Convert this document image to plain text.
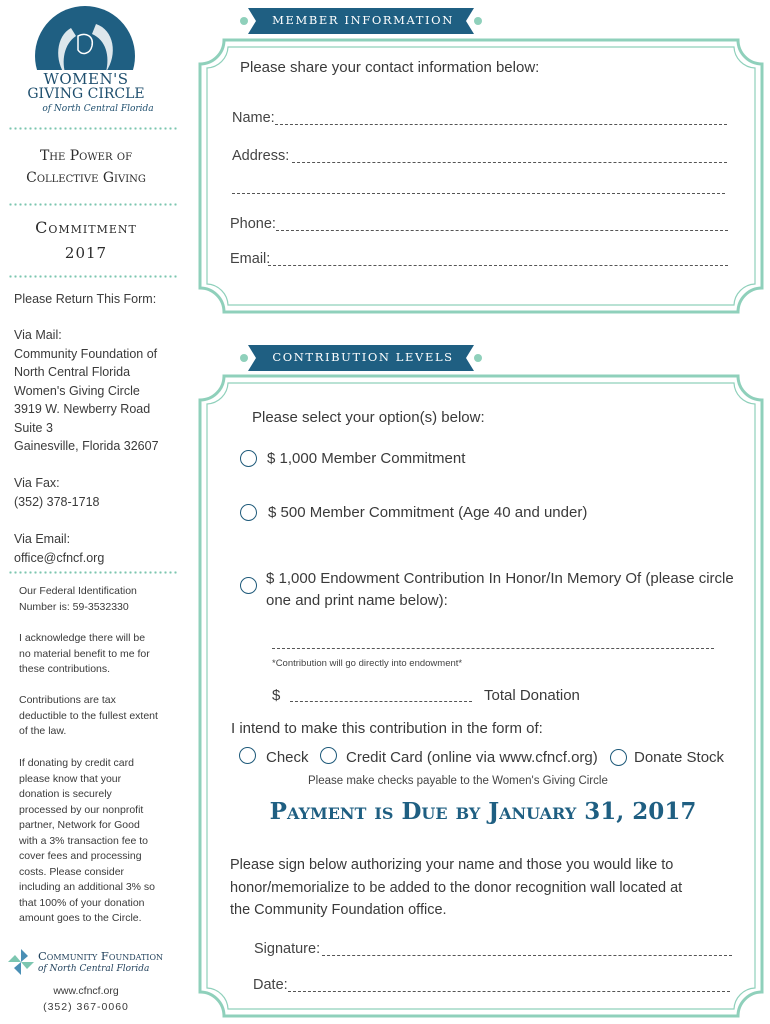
WOMEN'S
GIVING CIRCLE
of North Central Florida
The Power of
Collective Giving
Commitment
2017
Please Return This Form:
Via Mail:
Community Foundation of
North Central Florida
Women's Giving Circle
3919 W. Newberry Road
Suite 3
Gainesville, Florida 32607
Via Fax:
(352) 378-1718
Via Email:
office@cfncf.org
Our Federal Identification
Number is: 59-3532330
I acknowledge there will be
no material benefit to me for
these contributions.
Contributions are tax
deductible to the fullest extent
of the law.
If donating by credit card
please know that your
donation is securely
processed by our nonprofit
partner, Network for Good
with a 3% transaction fee to
cover fees and processing
costs. Please consider
including an additional 3% so
that 100% of your donation
amount goes to the Circle.
Community Foundation
of North Central Florida
www.cfncf.org
(352) 367-0060
MEMBER INFORMATION
Please share your contact information below:
Name:
Address:
Phone:
Email:
CONTRIBUTION LEVELS
Please select your option(s) below:
$ 1,000 Member Commitment
$ 500 Member Commitment (Age 40 and under)
$ 1,000 Endowment Contribution In Honor/In Memory Of (please circle
one and print name below):
*Contribution will go directly into endowment*
$	Total Donation
I intend to make this contribution in the form of:
Check Credit Card (online via www.cfncf.org) Donate Stock
Please make checks payable to the Women's Giving Circle
Payment is Due by January 31, 2017
Please sign below authorizing your name and those you would like to
honor/memorialize to be added to the donor recognition wall located at
the Community Foundation office.
Signature:
Date:
